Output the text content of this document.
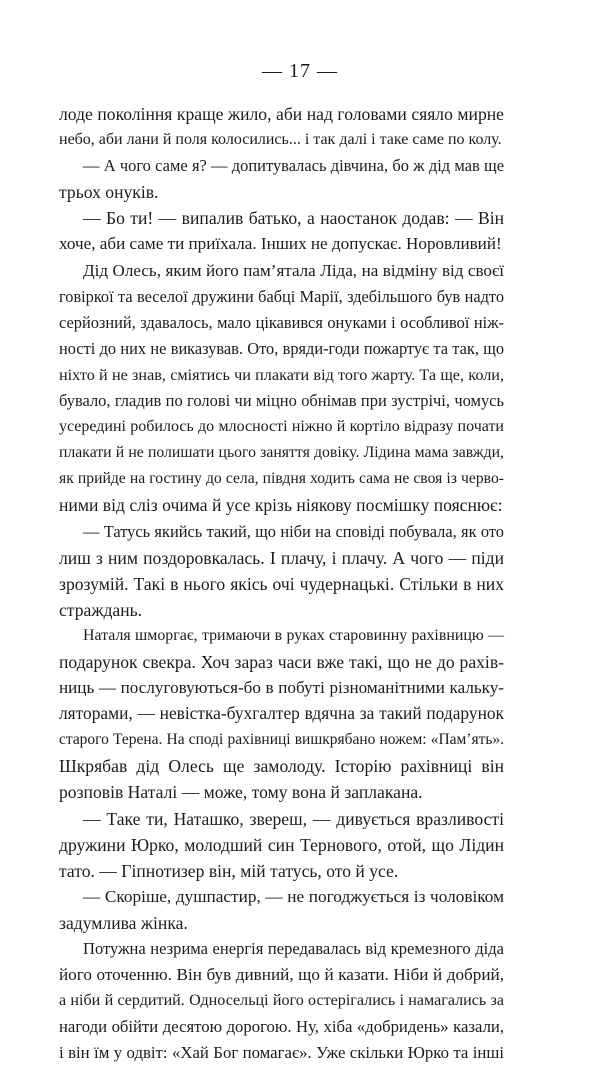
— 17 —
лоде покоління краще жило, аби над головами сяяло мирне
небо, аби лани й поля колосились... і так далі і таке саме по колу.
— А чого саме я? — допитувалась дівчина, бо ж дід мав ще
трьох онуків.
— Бо ти! — випалив батько, а наостанок додав: — Він
хоче, аби саме ти приїхала. Інших не допускає. Норовливий!
Дід Олесь, яким його пам’ятала Ліда, на відміну від своєї
говіркої та веселої дружини бабці Марії, здебільшого був надто
серйозний, здавалось, мало цікавився онуками і особливої ніж-
ності до них не виказував. Ото, вряди-годи пожартує та так, що
ніхто й не знав, сміятись чи плакати від того жарту. Та ще, коли,
бувало, гладив по голові чи міцно обнімав при зустрічі, чомусь
усередині робилось до млосності ніжно й кортіло відразу почати
плакати й не полишати цього заняття довіку. Лідина мама завжди,
як прийде на гостину до села, півдня ходить сама не своя із черво-
ними від сліз очима й усе крізь ніякову посмішку пояснює:
— Татусь якийсь такий, що ніби на сповіді побувала, як ото
лиш з ним поздоровкалась. І плачу, і плачу. А чого — піди
зрозумій. Такі в нього якісь очі чудернацькі. Стільки в них
страждань.
Наталя шморгає, тримаючи в руках старовинну рахівницю —
подарунок свекра. Хоч зараз часи вже такі, що не до рахів-
ниць — послуговуються-бо в побуті різноманітними кальку-
ляторами, — невістка-бухгалтер вдячна за такий подарунок
старого Терена. На споді рахівниці вишкрябано ножем: «Пам’ять».
Шкрябав дід Олесь ще замолоду. Історію рахівниці він
розповів Наталі — може, тому вона й заплакана.
— Таке ти, Наташко, звереш, — дивується вразливості
дружини Юрко, молодший син Тернового, отой, що Лідин
тато. — Гіпнотизер він, мій татусь, ото й усе.
— Скоріше, душпастир, — не погоджується із чоловіком
задумлива жінка.
Потужна незрима енергія передавалась від кремезного діда
його оточенню. Він був дивний, що й казати. Ніби й добрий,
а ніби й сердитий. Односельці його остерігались і намагались за
нагоди обійти десятою дорогою. Ну, хіба «добридень» казали,
і він їм у одвіт: «Хай Бог помагає». Уже скільки Юрко та інші
